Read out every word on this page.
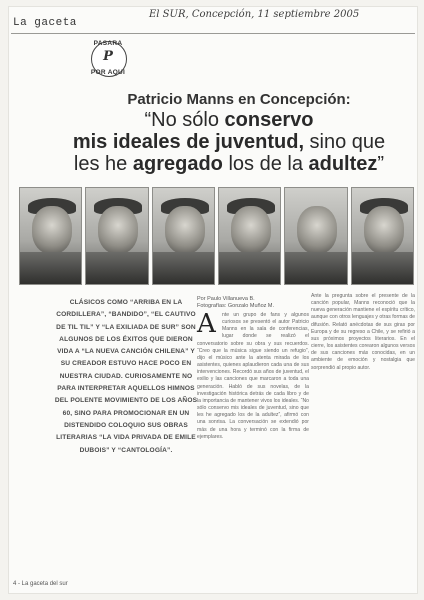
La gaceta
El SUR, Concepción, 11 septiembre 2005
PASARA
P
POR AQUI
Patricio Manns en Concepción:
“No sólo conservo
mis ideales de juventud, sino que
les he agregado los de la adultez”
CLÁSICOS COMO “ARRIBA EN LA CORDILLERA”, “BANDIDO”, “EL CAUTIVO DE TIL TIL” Y “LA EXILIADA DE SUR” SON ALGUNOS DE LOS ÉXITOS QUE DIERON VIDA A “LA NUEVA CANCIÓN CHILENA” Y SU CREADOR ESTUVO HACE POCO EN NUESTRA CIUDAD. CURIOSAMENTE NO PARA INTERPRETAR AQUELLOS HIMNOS DEL POLENTE MOVIMIENTO DE LOS AÑOS 60, SINO PARA PROMOCIONAR EN UN DISTENDIDO COLOQUIO SUS OBRAS LITERARIAS “LA VIDA PRIVADA DE EMILE DUBOIS” Y “CANTOLOGÍA”.
Por Paulo Villanueva B.
Fotografías: Gonzalo Muñoz M.
A	nte un grupo de fans y algunos curiosos se presentó el autor Patricio Manns en la sala de conferencias, lugar donde se realizó el conversatorio sobre su obra y sus recuerdos. “Creo que la música sigue siendo un refugio”, dijo el músico ante la atenta mirada de los asistentes, quienes aplaudieron cada una de sus intervenciones. Recordó sus años de juventud, el exilio y las canciones que marcaron a toda una generación. Habló de sus novelas, de la investigación histórica detrás de cada libro y de la importancia de mantener vivos los ideales. “No sólo conservo mis ideales de juventud, sino que les he agregado los de la adultez”, afirmó con una sonrisa. La conversación se extendió por más de una hora y terminó con la firma de ejemplares.
Ante la pregunta sobre el presente de la canción popular, Manns reconoció que la nueva generación mantiene el espíritu crítico, aunque con otros lenguajes y otras formas de difusión. Relató anécdotas de sus giras por Europa y de su regreso a Chile, y se refirió a sus próximos proyectos literarios. En el cierre, los asistentes corearon algunos versos de sus canciones más conocidas, en un ambiente de emoción y nostalgia que sorprendió al propio autor.
4 - La gaceta del sur
